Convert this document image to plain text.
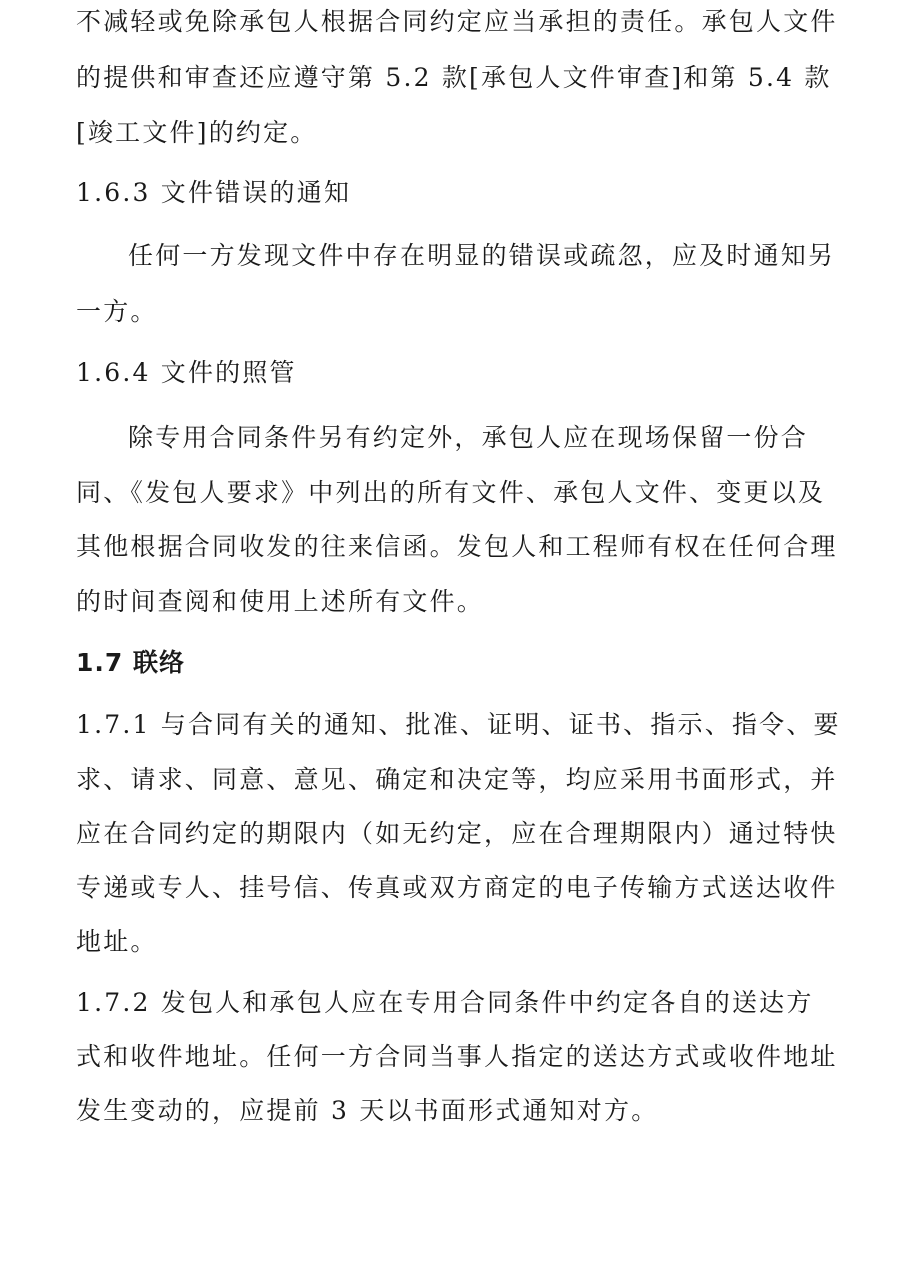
不减轻或免除承包人根据合同约定应当承担的责任。承包人文件
的提供和审查还应遵守第 5.2 款[承包人文件审查]和第 5.4 款
[竣工文件]的约定。
1.6.3 文件错误的通知
任何一方发现文件中存在明显的错误或疏忽，应及时通知另
一方。
1.6.4 文件的照管
除专用合同条件另有约定外，承包人应在现场保留一份合
同、《发包人要求》中列出的所有文件、承包人文件、变更以及
其他根据合同收发的往来信函。发包人和工程师有权在任何合理
的时间查阅和使用上述所有文件。
1.7 联络
1.7.1 与合同有关的通知、批准、证明、证书、指示、指令、要
求、请求、同意、意见、确定和决定等，均应采用书面形式，并
应在合同约定的期限内（如无约定，应在合理期限内）通过特快
专递或专人、挂号信、传真或双方商定的电子传输方式送达收件
地址。
1.7.2 发包人和承包人应在专用合同条件中约定各自的送达方
式和收件地址。任何一方合同当事人指定的送达方式或收件地址
发生变动的，应提前 3 天以书面形式通知对方。
